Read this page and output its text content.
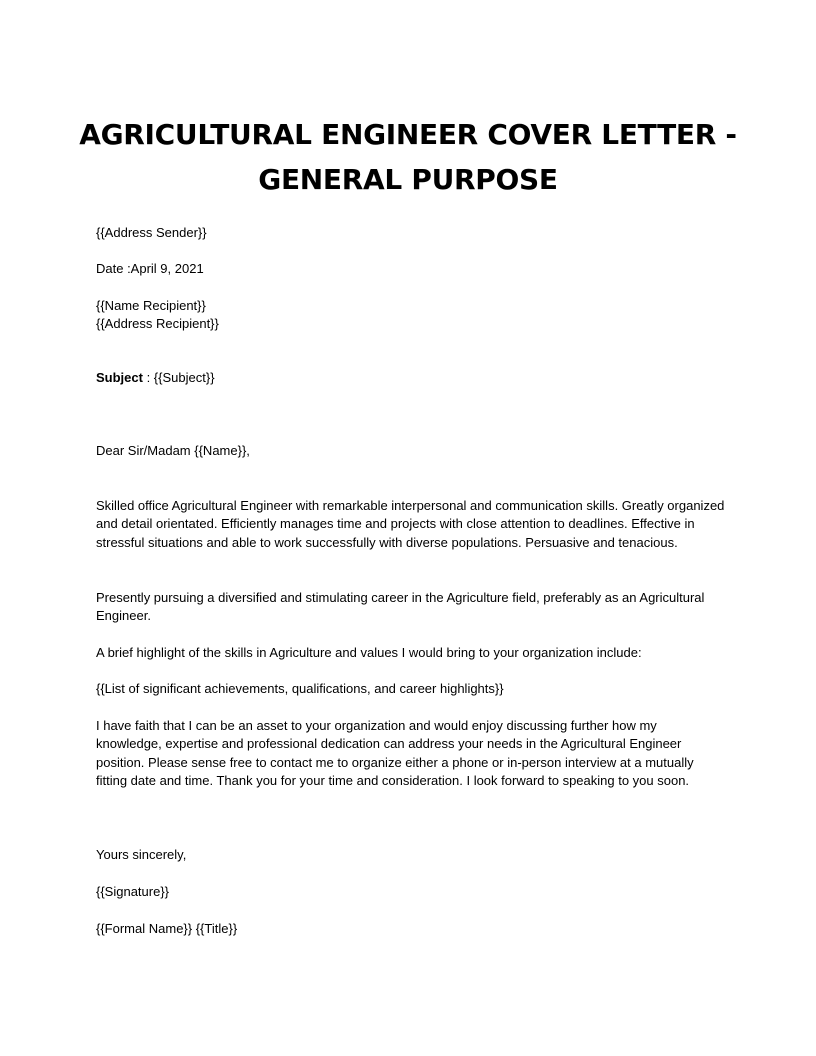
AGRICULTURAL ENGINEER COVER LETTER -
GENERAL PURPOSE

{{Address Sender}}

Date :April 9, 2021

{{Name Recipient}}

{{Address Recipient}}

Subject : {{Subject}}

Dear Sir/Madam {{Name}},

Skilled office Agricultural Engineer with remarkable interpersonal and communication skills. Greatly organized and detail orientated. Efficiently manages time and projects with close attention to deadlines. Effective in stressful situations and able to work successfully with diverse populations. Persuasive and tenacious.

Presently pursuing a diversified and stimulating career in the Agriculture field, preferably as an Agricultural Engineer.

A brief highlight of the skills in Agriculture and values I would bring to your organization include:

{{List of significant achievements, qualifications, and career highlights}}

I have faith that I can be an asset to your organization and would enjoy discussing further how my knowledge, expertise and professional dedication can address your needs in the Agricultural Engineer position. Please sense free to contact me to organize either a phone or in-person interview at a mutually fitting date and time. Thank you for your time and consideration. I look forward to speaking to you soon.

Yours sincerely,

{{Signature}}

{{Formal Name}} {{Title}}
